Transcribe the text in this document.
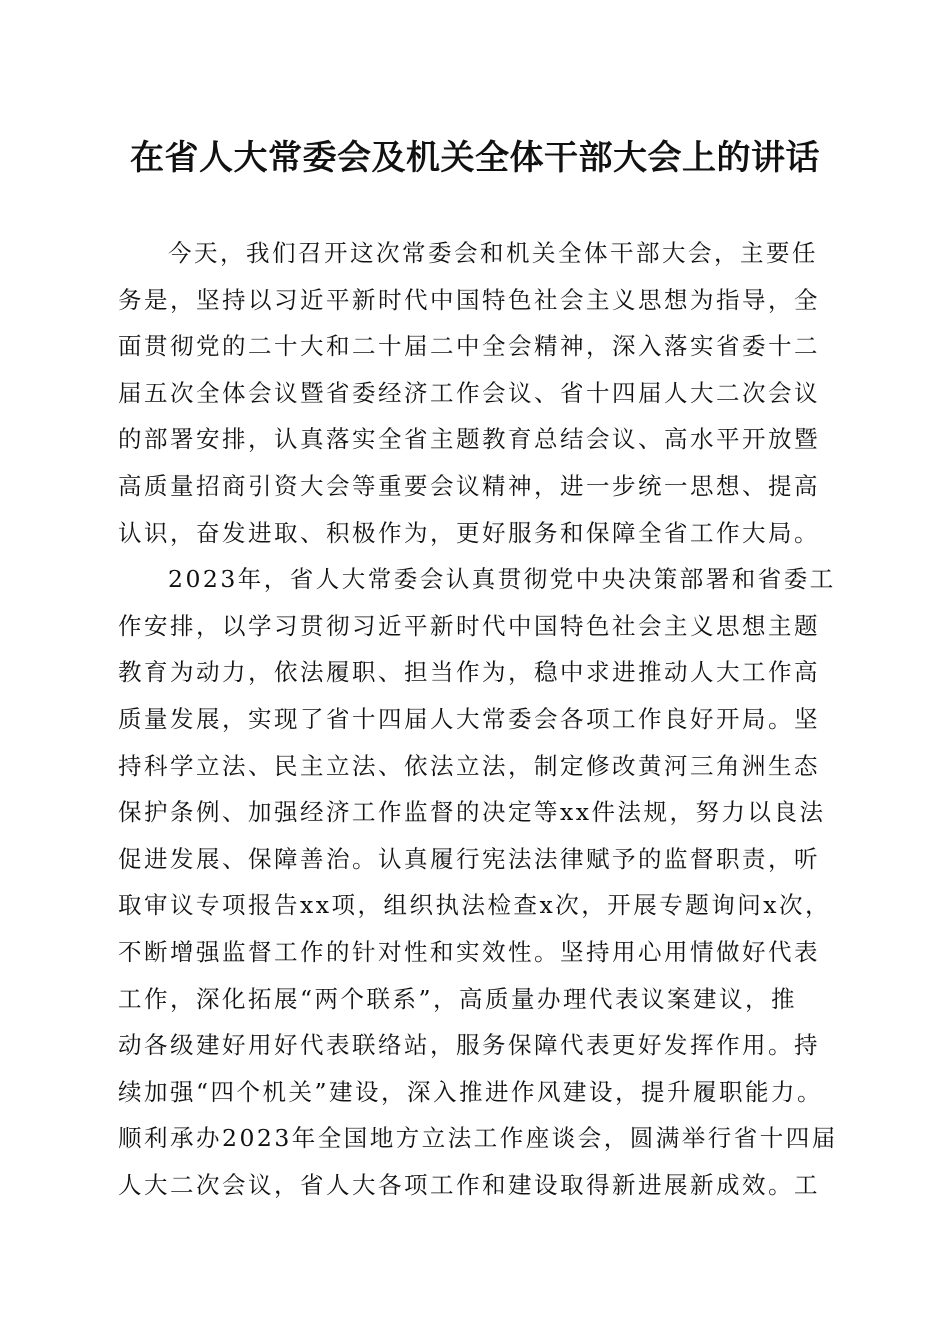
在省人大常委会及机关全体干部大会上的讲话

今天，我们召开这次常委会和机关全体干部大会，主要任
务是，坚持以习近平新时代中国特色社会主义思想为指导，全
面贯彻党的二十大和二十届二中全会精神，深入落实省委十二
届五次全体会议暨省委经济工作会议、省十四届人大二次会议
的部署安排，认真落实全省主题教育总结会议、高水平开放暨
高质量招商引资大会等重要会议精神，进一步统一思想、提高
认识，奋发进取、积极作为，更好服务和保障全省工作大局。

2023年，省人大常委会认真贯彻党中央决策部署和省委工
作安排，以学习贯彻习近平新时代中国特色社会主义思想主题
教育为动力，依法履职、担当作为，稳中求进推动人大工作高
质量发展，实现了省十四届人大常委会各项工作良好开局。坚
持科学立法、民主立法、依法立法，制定修改黄河三角洲生态
保护条例、加强经济工作监督的决定等xx件法规，努力以良法
促进发展、保障善治。认真履行宪法法律赋予的监督职责，听
取审议专项报告xx项，组织执法检查x次，开展专题询问x次，
不断增强监督工作的针对性和实效性。坚持用心用情做好代表
工作，深化拓展“两个联系”，高质量办理代表议案建议，推
动各级建好用好代表联络站，服务保障代表更好发挥作用。持
续加强“四个机关”建设，深入推进作风建设，提升履职能力。
顺利承办2023年全国地方立法工作座谈会，圆满举行省十四届
人大二次会议，省人大各项工作和建设取得新进展新成效。工
